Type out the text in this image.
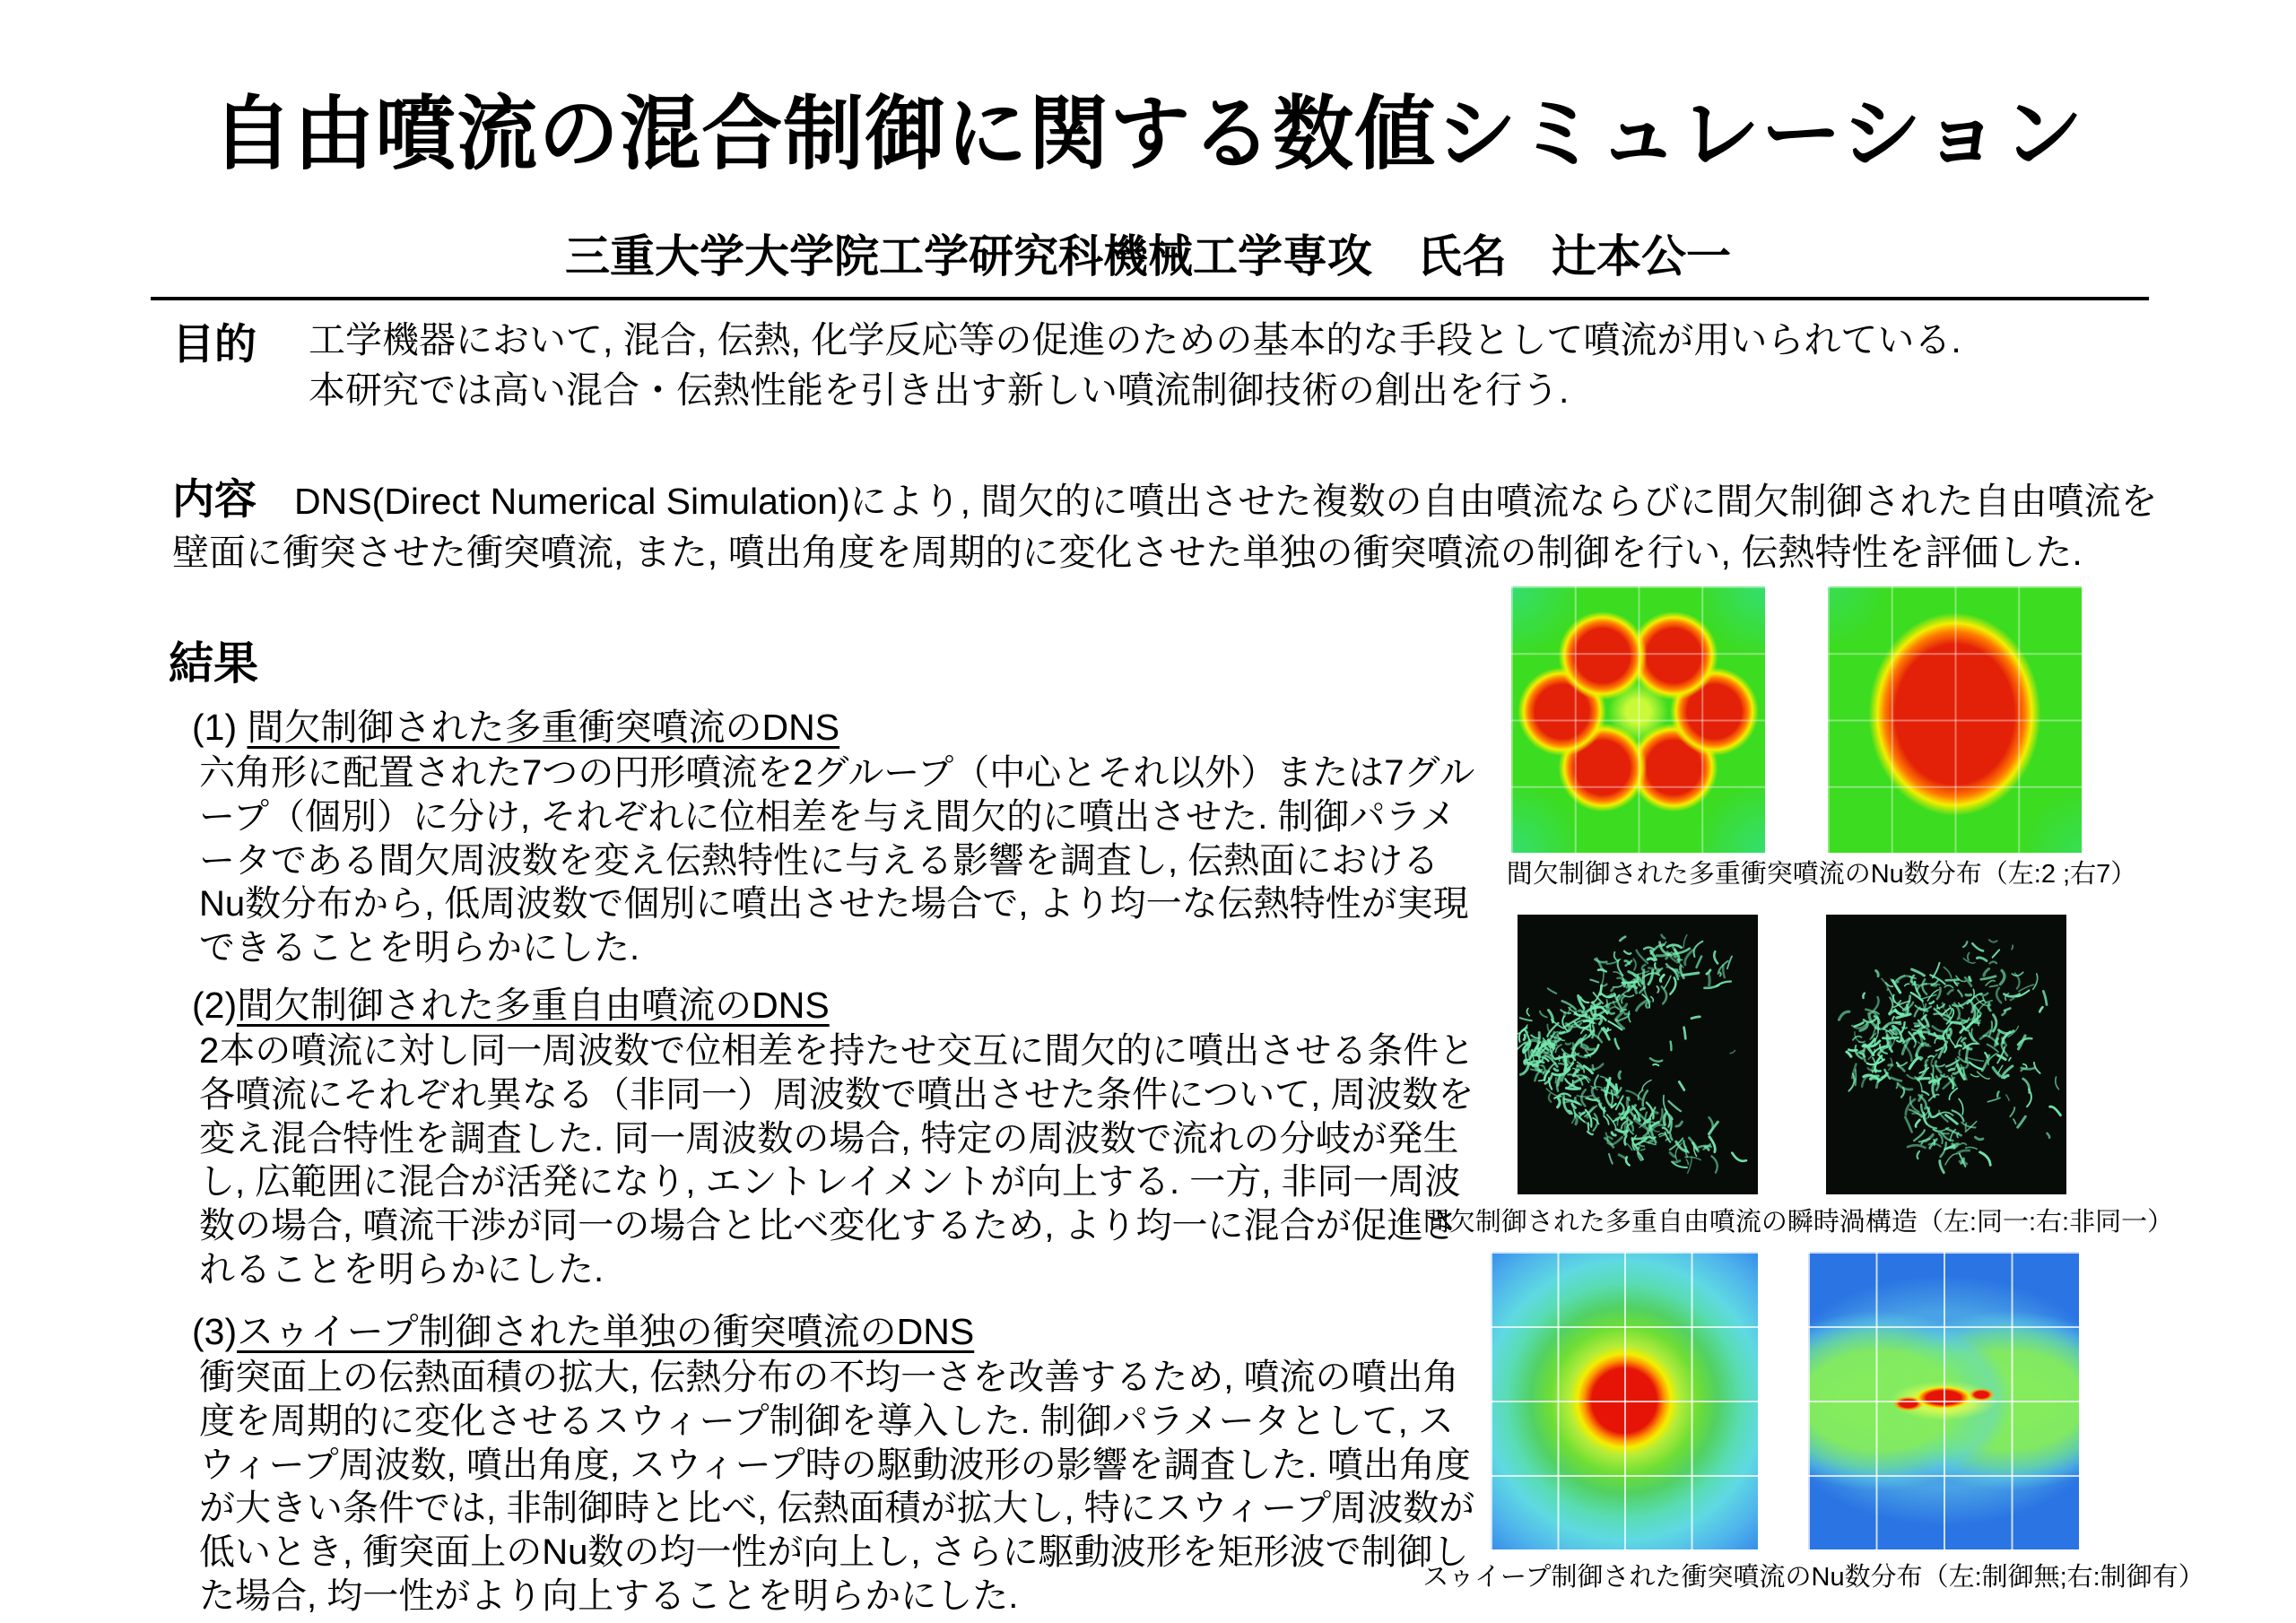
自由噴流の混合制御に関する数値シミュレーション
三重大学大学院工学研究科機械工学専攻　氏名　辻本公一
目的 工学機器において, 混合, 伝熱, 化学反応等の促進のための基本的な手段として噴流が用いられている.
本研究では高い混合・伝熱性能を引き出す新しい噴流制御技術の創出を行う.
内容 DNS(Direct Numerical Simulation)により, 間欠的に噴出させた複数の自由噴流ならびに間欠制御された自由噴流を壁面に衝突させた衝突噴流, また, 噴出角度を周期的に変化させた単独の衝突噴流の制御を行い, 伝熱特性を評価した.
結果
(1) 間欠制御された多重衝突噴流のDNS
六角形に配置された7つの円形噴流を2グループ（中心とそれ以外）または7グループ（個別）に分け, それぞれに位相差を与え間欠的に噴出させた. 制御パラメータである間欠周波数を変え伝熱特性に与える影響を調査し, 伝熱面におけるNu数分布から, 低周波数で個別に噴出させた場合で, より均一な伝熱特性が実現できることを明らかにした.
(2)間欠制御された多重自由噴流のDNS
2本の噴流に対し同一周波数で位相差を持たせ交互に間欠的に噴出させる条件と各噴流にそれぞれ異なる（非同一）周波数で噴出させた条件について, 周波数を変え混合特性を調査した. 同一周波数の場合, 特定の周波数で流れの分岐が発生し, 広範囲に混合が活発になり, エントレイメントが向上する. 一方, 非同一周波数の場合, 噴流干渉が同一の場合と比べ変化するため, より均一に混合が促進されることを明らかにした.
(3)スゥイープ制御された単独の衝突噴流のDNS
衝突面上の伝熱面積の拡大, 伝熱分布の不均一さを改善するため, 噴流の噴出角度を周期的に変化させるスウィープ制御を導入した. 制御パラメータとして, スウィープ周波数, 噴出角度, スウィープ時の駆動波形の影響を調査した. 噴出角度が大きい条件では, 非制御時と比べ, 伝熱面積が拡大し, 特にスウィープ周波数が低いとき, 衝突面上のNu数の均一性が向上し, さらに駆動波形を矩形波で制御した場合, 均一性がより向上することを明らかにした.
間欠制御された多重衝突噴流のNu数分布（左:2 ;右7）
間欠制御された多重自由噴流の瞬時渦構造（左:同一:右:非同一）
スゥイープ制御された衝突噴流のNu数分布（左:制御無;右:制御有）
